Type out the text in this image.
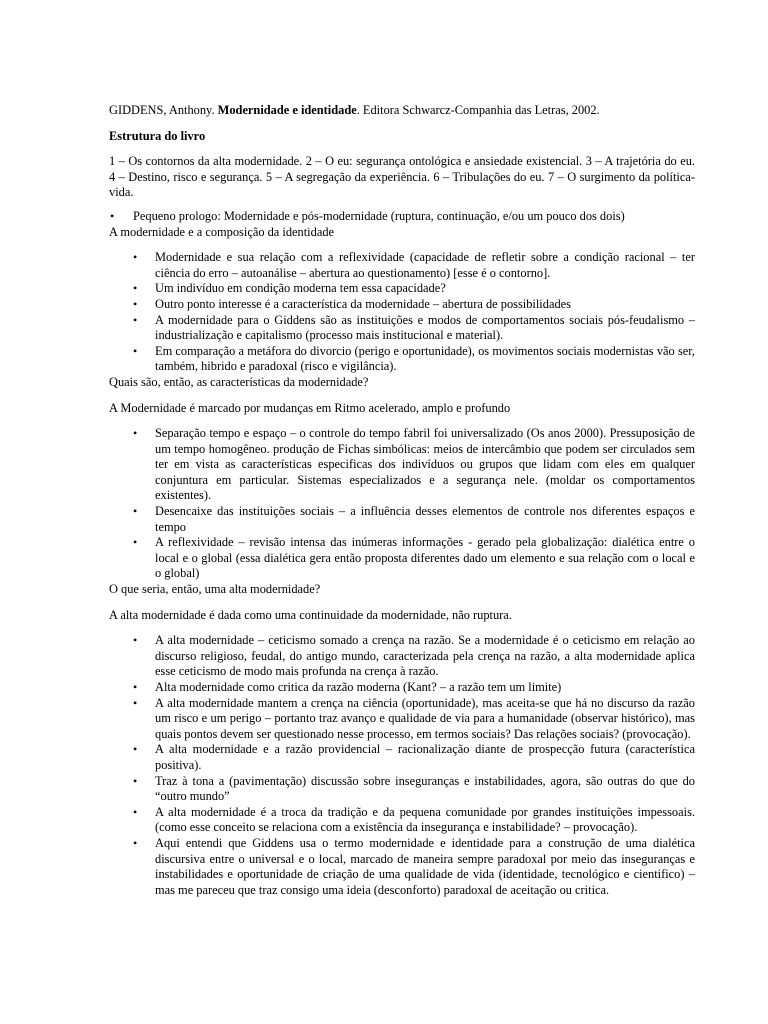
GIDDENS, Anthony. Modernidade e identidade. Editora Schwarcz-Companhia das Letras, 2002.

Estrutura do livro

1 – Os contornos da alta modernidade. 2 – O eu: segurança ontológica e ansiedade existencial. 3 – A trajetória do eu. 4 – Destino, risco e segurança. 5 – A segregação da experiência. 6 – Tribulações do eu. 7 – O surgimento da política-vida.

• Pequeno prologo: Modernidade e pós-modernidade (ruptura, continuação, e/ou um pouco dos dois)

A modernidade e a composição da identidade

• Modernidade e sua relação com a reflexividade (capacidade de refletir sobre a condição racional – ter ciência do erro – autoanálise – abertura ao questionamento) [esse é o contorno].
• Um indivíduo em condição moderna tem essa capacidade?
• Outro ponto interesse é a característica da modernidade – abertura de possibilidades
• A modernidade para o Giddens são as instituições e modos de comportamentos sociais pós-feudalismo – industrialização e capitalismo (processo mais institucional e material).
• Em comparação a metáfora do divorcio (perigo e oportunidade), os movimentos sociais modernistas vão ser, também, hibrido e paradoxal (risco e vigilância).

Quais são, então, as características da modernidade?

A Modernidade é marcado por mudanças em Ritmo acelerado, amplo e profundo

• Separação tempo e espaço – o controle do tempo fabril foi universalizado (Os anos 2000). Pressuposição de um tempo homogêneo. produção de Fichas simbólicas: meios de intercâmbio que podem ser circulados sem ter em vista as características especificas dos indivíduos ou grupos que lidam com eles em qualquer conjuntura em particular. Sistemas especializados e a segurança nele. (moldar os comportamentos existentes).
• Desencaixe das instituições sociais – a influência desses elementos de controle nos diferentes espaços e tempo
• A reflexividade – revisão intensa das inúmeras informações - gerado pela globalização: dialética entre o local e o global (essa dialética gera então proposta diferentes dado um elemento e sua relação com o local e o global)

O que seria, então, uma alta modernidade?

A alta modernidade é dada como uma continuidade da modernidade, não ruptura.

• A alta modernidade – ceticismo somado a crença na razão. Se a modernidade é o ceticismo em relação ao discurso religioso, feudal, do antigo mundo, caracterizada pela crença na razão, a alta modernidade aplica esse ceticismo de modo mais profunda na crença à razão.
• Alta modernidade como critica da razão moderna (Kant? – a razão tem um limite)
• A alta modernidade mantem a crença na ciência (oportunidade), mas aceita-se que há no discurso da razão um risco e um perigo – portanto traz avanço e qualidade de via para a humanidade (observar histórico), mas quais pontos devem ser questionado nesse processo, em termos sociais? Das relações sociais? (provocação).
• A alta modernidade e a razão providencial – racionalização diante de prospecção futura (característica positiva).
• Traz à tona a (pavimentação) discussão sobre inseguranças e instabilidades, agora, são outras do que do “outro mundo”
• A alta modernidade é a troca da tradição e da pequena comunidade por grandes instituições impessoais. (como esse conceito se relaciona com a existência da insegurança e instabilidade? – provocação).
• Aqui entendi que Giddens usa o termo modernidade e identidade para a construção de uma dialética discursiva entre o universal e o local, marcado de maneira sempre paradoxal por meio das inseguranças e instabilidades e oportunidade de criação de uma qualidade de vida (identidade, tecnológico e cientifico) – mas me pareceu que traz consigo uma ideia (desconforto) paradoxal de aceitação ou critica.
